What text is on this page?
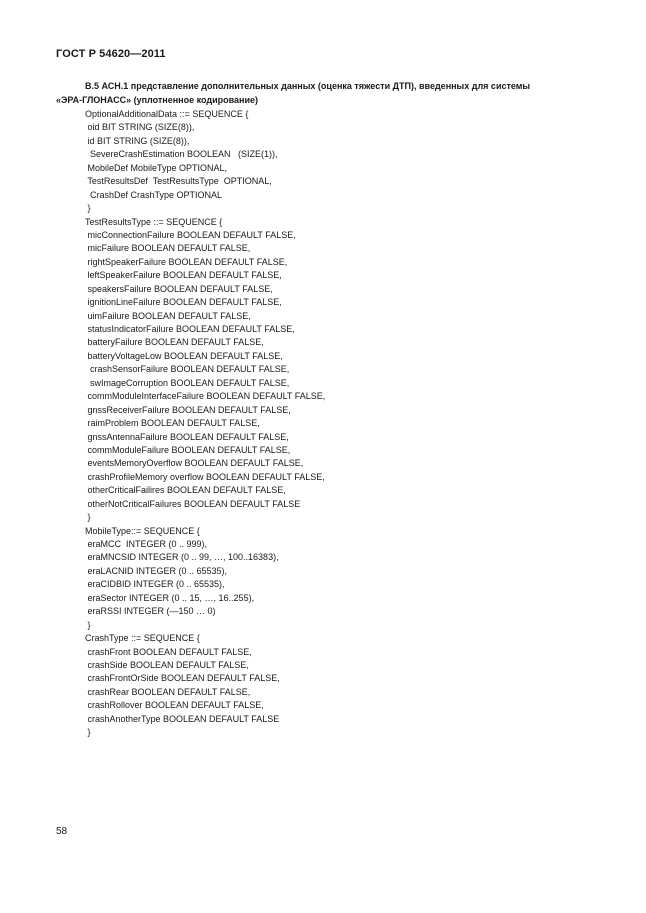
ГОСТ Р 54620—2011
В.5 АСН.1 представление дополнительных данных (оценка тяжести ДТП), введенных для системы
«ЭРА-ГЛОНАСС» (уплотненное кодирование)
OptionalAdditionalData ::= SEQUENCE {
oid BIT STRING (SIZE(8)),
id BIT STRING (SIZE(8)),
SevereCrashEstimation BOOLEAN   (SIZE(1)),
MobileDef MobileType OPTIONAL,
TestResultsDef  TestResultsType  OPTIONAL,
CrashDef CrashType OPTIONAL
}
TestResultsType ::= SEQUENCE {
micConnectionFailure BOOLEAN DEFAULT FALSE,
micFailure BOOLEAN DEFAULT FALSE,
rightSpeakerFailure BOOLEAN DEFAULT FALSE,
leftSpeakerFailure BOOLEAN DEFAULT FALSE,
speakersFailure BOOLEAN DEFAULT FALSE,
ignitionLineFailure BOOLEAN DEFAULT FALSE,
uimFailure BOOLEAN DEFAULT FALSE,
statusIndicatorFailure BOOLEAN DEFAULT FALSE,
batteryFailure BOOLEAN DEFAULT FALSE,
batteryVoltageLow BOOLEAN DEFAULT FALSE,
crashSensorFailure BOOLEAN DEFAULT FALSE,
swImageCorruption BOOLEAN DEFAULT FALSE,
commModuleInterfaceFailure BOOLEAN DEFAULT FALSE,
gnssReceiverFailure BOOLEAN DEFAULT FALSE,
raimProblem BOOLEAN DEFAULT FALSE,
gnssAntennaFailure BOOLEAN DEFAULT FALSE,
commModuleFailure BOOLEAN DEFAULT FALSE,
eventsMemoryOverflow BOOLEAN DEFAULT FALSE,
crashProfileMemory overflow BOOLEAN DEFAULT FALSE,
otherCriticalFailires BOOLEAN DEFAULT FALSE,
otherNotCriticalFailures BOOLEAN DEFAULT FALSE
}
MobileType::= SEQUENCE {
eraMCC  INTEGER (0 .. 999),
eraMNCSID INTEGER (0 .. 99, …, 100..16383),
eraLACNID INTEGER (0 .. 65535),
eraCIDBID INTEGER (0 .. 65535),
eraSector INTEGER (0 .. 15, …, 16..255),
eraRSSI INTEGER (—150 … 0)
}
CrashType ::= SEQUENCE {
crashFront BOOLEAN DEFAULT FALSE,
crashSide BOOLEAN DEFAULT FALSE,
crashFrontOrSide BOOLEAN DEFAULT FALSE,
crashRear BOOLEAN DEFAULT FALSE,
crashRollover BOOLEAN DEFAULT FALSE,
crashAnotherType BOOLEAN DEFAULT FALSE
}
58
